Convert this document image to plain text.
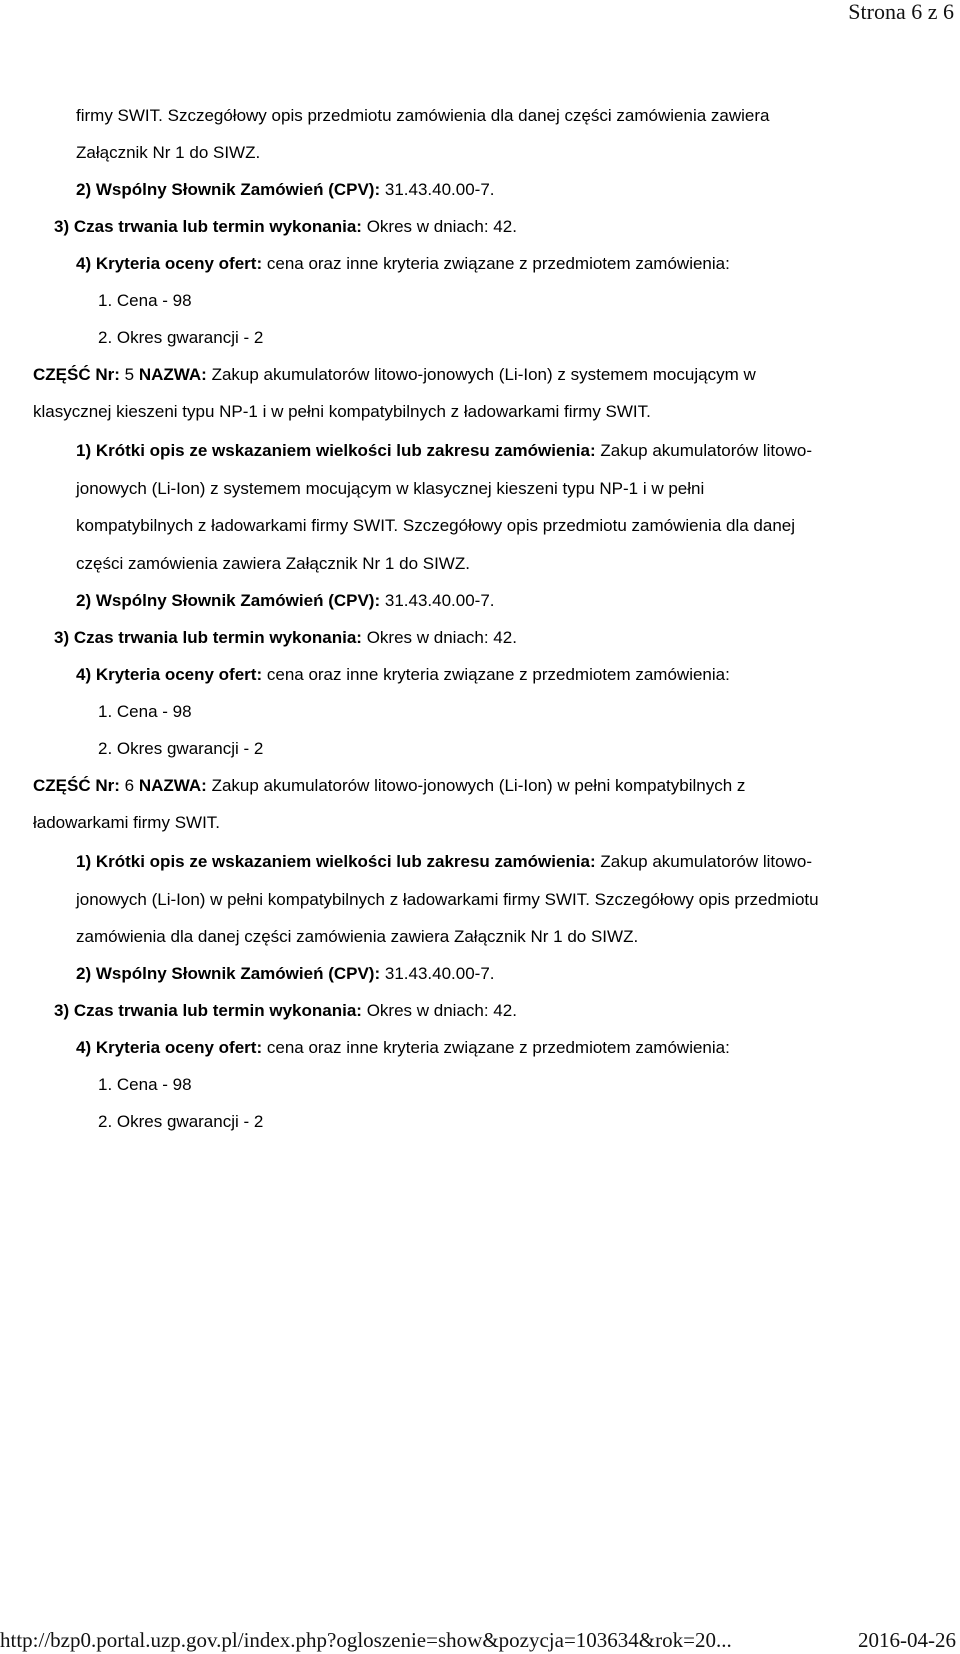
Strona 6 z 6
firmy SWIT. Szczegółowy opis przedmiotu zamówienia dla danej części zamówienia zawiera
Załącznik Nr 1 do SIWZ.
2) Wspólny Słownik Zamówień (CPV): 31.43.40.00-7.
3) Czas trwania lub termin wykonania: Okres w dniach: 42.
4) Kryteria oceny ofert: cena oraz inne kryteria związane z przedmiotem zamówienia:
1. Cena - 98
2. Okres gwarancji - 2
CZĘŚĆ Nr: 5 NAZWA: Zakup akumulatorów litowo-jonowych (Li-Ion) z systemem mocującym w
klasycznej kieszeni typu NP-1 i w pełni kompatybilnych z ładowarkami firmy SWIT.
1) Krótki opis ze wskazaniem wielkości lub zakresu zamówienia: Zakup akumulatorów litowo-
jonowych (Li-Ion) z systemem mocującym w klasycznej kieszeni typu NP-1 i w pełni
kompatybilnych z ładowarkami firmy SWIT. Szczegółowy opis przedmiotu zamówienia dla danej
części zamówienia zawiera Załącznik Nr 1 do SIWZ.
2) Wspólny Słownik Zamówień (CPV): 31.43.40.00-7.
3) Czas trwania lub termin wykonania: Okres w dniach: 42.
4) Kryteria oceny ofert: cena oraz inne kryteria związane z przedmiotem zamówienia:
1. Cena - 98
2. Okres gwarancji - 2
CZĘŚĆ Nr: 6 NAZWA: Zakup akumulatorów litowo-jonowych (Li-Ion) w pełni kompatybilnych z
ładowarkami firmy SWIT.
1) Krótki opis ze wskazaniem wielkości lub zakresu zamówienia: Zakup akumulatorów litowo-
jonowych (Li-Ion) w pełni kompatybilnych z ładowarkami firmy SWIT. Szczegółowy opis przedmiotu
zamówienia dla danej części zamówienia zawiera Załącznik Nr 1 do SIWZ.
2) Wspólny Słownik Zamówień (CPV): 31.43.40.00-7.
3) Czas trwania lub termin wykonania: Okres w dniach: 42.
4) Kryteria oceny ofert: cena oraz inne kryteria związane z przedmiotem zamówienia:
1. Cena - 98
2. Okres gwarancji - 2
http://bzp0.portal.uzp.gov.pl/index.php?ogloszenie=show&pozycja=103634&rok=20...	2016-04-26
